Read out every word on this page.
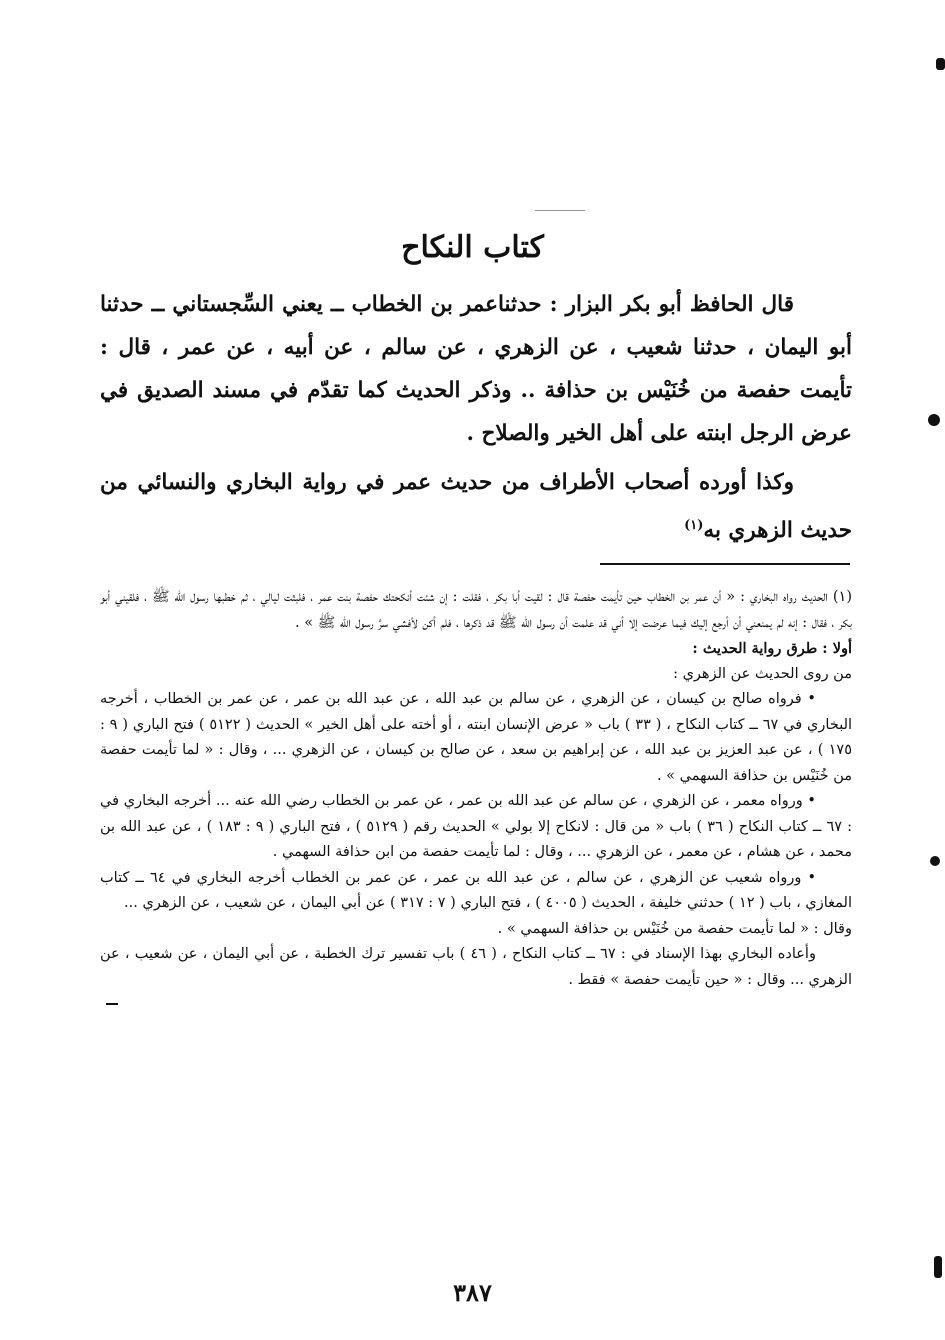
كتاب النكاح

قال الحافظ أبو بكر البزار : حدثناعمر بن الخطاب ــ يعني السِّجستاني ــ حدثنا أبو اليمان ، حدثنا شعيب ، عن الزهري ، عن سالم ، عن أبيه ، عن عمر ، قال : تأيمت حفصة من خُنَيْس بن حذافة .. وذكر الحديث كما تقدّم في مسند الصديق في عرض الرجل ابنته على أهل الخير والصلاح .

وكذا أورده أصحاب الأطراف من حديث عمر في رواية البخاري والنسائي من حديث الزهري به$^{(١)}$

(١) الحديث رواه البخاري : « أن عمر بن الخطاب حين تأيمت حفصة قال : لقيت أبا بكر ، فقلت : إن شئت أنكحتك حفصة بنت عمر ، فلبثت ليالي ، ثم خطبها رسول الله ﷺ ، فلقيني أبو بكر ، فقال : إنه لم يمنعني أن أرجع إليك فيما عرضت إلا أني قد علمت أن رسول الله ﷺ قد ذكرها ، فلم أكن لأفشي سرَّ رسول الله ﷺ » .

أولا : طرق رواية الحديث :

من روى الحديث عن الزهري :

• فرواه صالح بن كيسان ، عن الزهري ، عن سالم بن عبد الله ، عن عبد الله بن عمر ، عن عمر بن الخطاب ، أخرجه البخاري في ٦٧ ــ كتاب النكاح ، ( ٣٣ ) باب « عرض الإنسان ابنته ، أو أخته على أهل الخير » الحديث ( ٥١٢٢ ) فتح الباري ( ٩ : ١٧٥ ) ، عن عبد العزيز بن عبد الله ، عن إبراهيم بن سعد ، عن صالح بن كيسان ، عن الزهري ... ، وقال : « لما تأيمت حفصة من خُنَيْس بن حذافة السهمي » .

• ورواه معمر ، عن الزهري ، عن سالم عن عبد الله بن عمر ، عن عمر بن الخطاب رضي الله عنه ... أخرجه البخاري في : ٦٧ ــ كتاب النكاح ( ٣٦ ) باب « من قال : لانكاح إلا بولي » الحديث رقم ( ٥١٢٩ ) ، فتح الباري ( ٩ : ١٨٣ ) ، عن عبد الله بن محمد ، عن هشام ، عن معمر ، عن الزهري ... ، وقال : لما تأيمت حفصة من ابن حذافة السهمي .

• ورواه شعيب عن الزهري ، عن سالم ، عن عبد الله بن عمر ، عن عمر بن الخطاب أخرجه البخاري في ٦٤ ــ كتاب المغازي ، باب ( ١٢ ) حدثني خليفة ، الحديث ( ٤٠٠٥ ) ، فتح الباري ( ٧ : ٣١٧ ) عن أبي اليمان ، عن شعيب ، عن الزهري ...

وقال : « لما تأيمت حفصة من خُنَيْس بن حذافة السهمي » .

وأعاده البخاري بهذا الإسناد في : ٦٧ ــ كتاب النكاح ، ( ٤٦ ) باب تفسير ترك الخطبة ، عن أبي اليمان ، عن شعيب ، عن الزهري ... وقال : « حين تأيمت حفصة » فقط .

٣٨٧
